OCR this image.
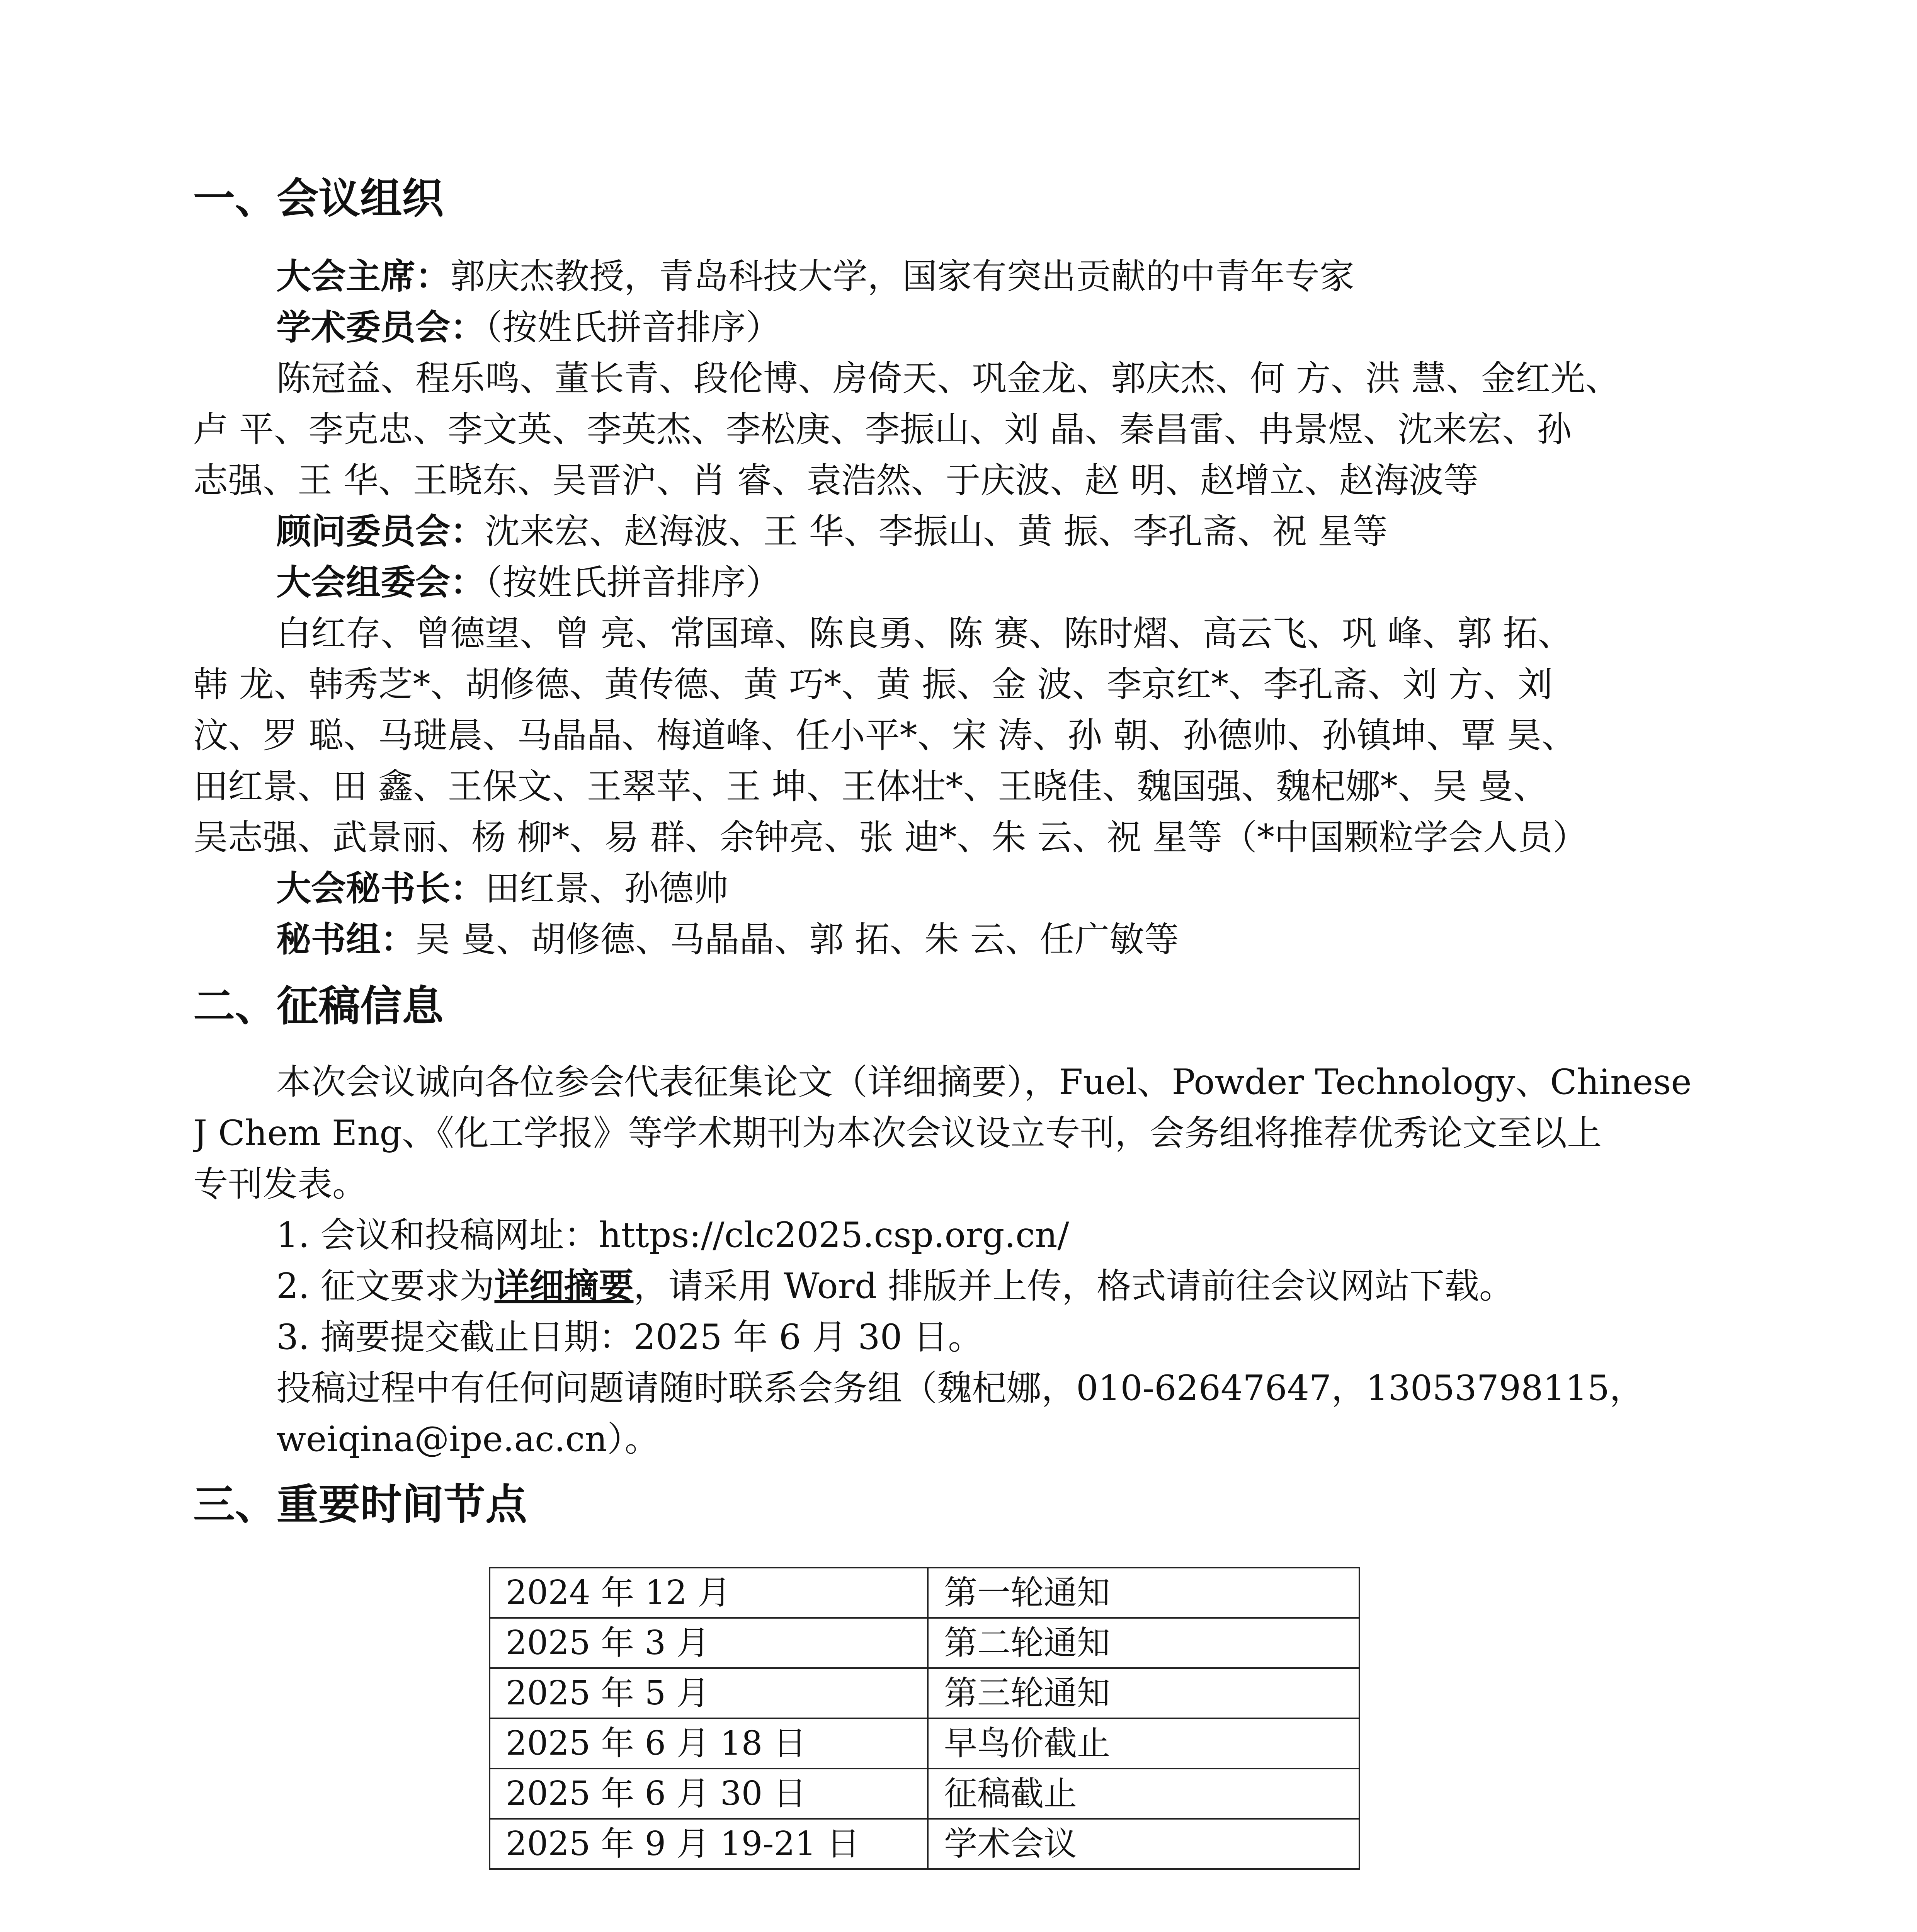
一、会议组织
大会主席：郭庆杰教授，青岛科技大学，国家有突出贡献的中青年专家
学术委员会：（按姓氏拼音排序）
陈冠益、程乐鸣、董长青、段伦博、房倚天、巩金龙、郭庆杰、何 方、洪 慧、金红光、
卢 平、李克忠、李文英、李英杰、李松庚、李振山、刘 晶、秦昌雷、冉景煜、沈来宏、孙
志强、王 华、王晓东、吴晋沪、肖 睿、袁浩然、于庆波、赵 明、赵增立、赵海波等
顾问委员会：沈来宏、赵海波、王 华、李振山、黄 振、李孔斋、祝 星等
大会组委会：（按姓氏拼音排序）
白红存、曾德望、曾 亮、常国璋、陈良勇、陈 赛、陈时熠、高云飞、巩 峰、郭 拓、
韩 龙、韩秀芝*、胡修德、黄传德、黄 巧*、黄 振、金 波、李京红*、李孔斋、刘 方、刘
汶、罗 聪、马琎晨、马晶晶、梅道峰、任小平*、宋 涛、孙 朝、孙德帅、孙镇坤、覃 昊、
田红景、田 鑫、王保文、王翠苹、王 坤、王体壮*、王晓佳、魏国强、魏杞娜*、吴 曼、
吴志强、武景丽、杨 柳*、易 群、余钟亮、张 迪*、朱 云、祝 星等（*中国颗粒学会人员）
大会秘书长：田红景、孙德帅
秘书组：吴 曼、胡修德、马晶晶、郭 拓、朱 云、任广敏等
二、征稿信息
本次会议诚向各位参会代表征集论文（详细摘要），Fuel、Powder Technology、Chinese
J Chem Eng、《化工学报》等学术期刊为本次会议设立专刊，会务组将推荐优秀论文至以上
专刊发表。
1. 会议和投稿网址：https://clc2025.csp.org.cn/
2. 征文要求为详细摘要，请采用 Word 排版并上传，格式请前往会议网站下载。
3. 摘要提交截止日期：2025 年 6 月 30 日。
投稿过程中有任何问题请随时联系会务组（魏杞娜，010-62647647，13053798115，
weiqina@ipe.ac.cn）。
三、重要时间节点
2024 年 12 月	第一轮通知
2025 年 3 月	第二轮通知
2025 年 5 月	第三轮通知
2025 年 6 月 18 日	早鸟价截止
2025 年 6 月 30 日	征稿截止
2025 年 9 月 19-21 日	学术会议
